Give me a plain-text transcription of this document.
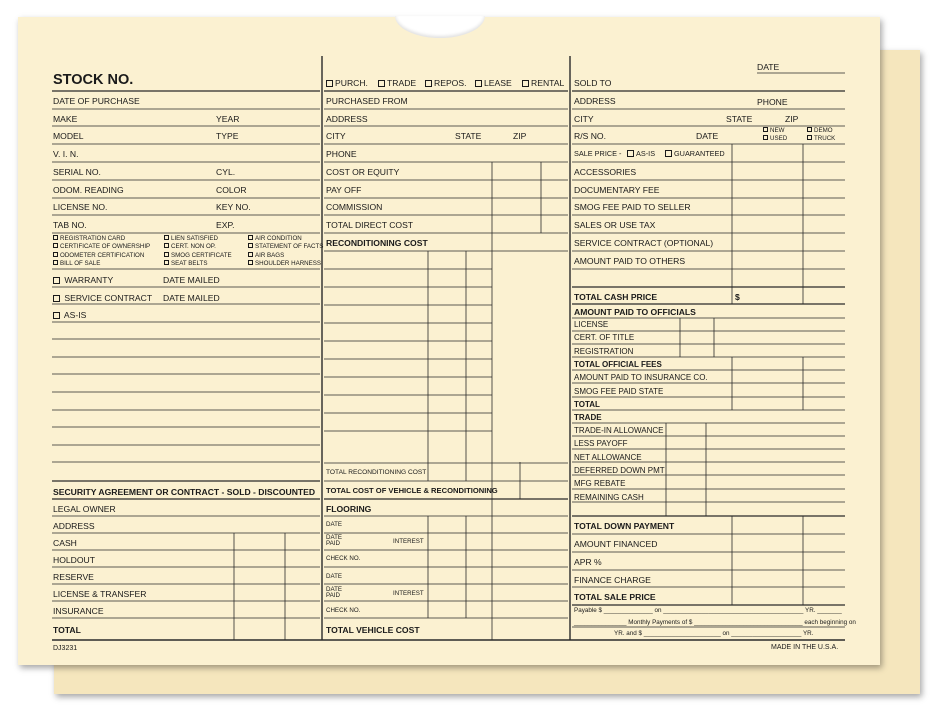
STOCK NO.
DATE OF PURCHASE
MAKE	YEAR
MODEL	TYPE
V. I. N.
SERIAL NO.	CYL.
ODOM. READING	COLOR
LICENSE NO.	KEY NO.
TAB NO.	EXP.
REGISTRATION CARD	LIEN SATISFIED	AIR CONDITION
CERTIFICATE OF OWNERSHIP	CERT. NON OP.	STATEMENT OF FACTS
ODOMETER CERTIFICATION	SMOG CERTIFICATE	AIR BAGS
BILL OF SALE	SEAT BELTS	SHOULDER HARNESS
WARRANTY	DATE MAILED
SERVICE CONTRACT DATE MAILED
AS-IS
SECURITY AGREEMENT OR CONTRACT - SOLD - DISCOUNTED
LEGAL OWNER
ADDRESS
CASH
HOLDOUT
RESERVE
LICENSE & TRANSFER
INSURANCE
TOTAL
DJ3231
PURCH.	TRADE	REPOS.	LEASE	RENTAL
PURCHASED FROM
ADDRESS
CITY	STATE	ZIP
PHONE
COST OR EQUITY
PAY OFF
COMMISSION
TOTAL DIRECT COST
RECONDITIONING COST
TOTAL RECONDITIONING COST
TOTAL COST OF VEHICLE & RECONDITIONING
FLOORING
DATE
DATE
PAID	INTEREST
CHECK NO.
DATE
DATE
PAID	INTEREST
CHECK NO.
TOTAL VEHICLE COST
DATE
SOLD TO
ADDRESS	PHONE
CITY	STATE	ZIP
R/S NO.	DATE
NEW
USED
DEMO
TRUCK
SALE PRICE -	AS-IS	GUARANTEED
ACCESSORIES
DOCUMENTARY FEE
SMOG FEE PAID TO SELLER
SALES OR USE TAX
SERVICE CONTRACT (OPTIONAL)
AMOUNT PAID TO OTHERS
TOTAL CASH PRICE	$
AMOUNT PAID TO OFFICIALS
LICENSE
CERT. OF TITLE
REGISTRATION
TOTAL OFFICIAL FEES
AMOUNT PAID TO INSURANCE CO.
SMOG FEE PAID STATE
TOTAL
TRADE
TRADE-IN ALLOWANCE
LESS PAYOFF
NET ALLOWANCE
DEFERRED DOWN PMT
MFG REBATE
REMAINING CASH
TOTAL DOWN PAYMENT
AMOUNT FINANCED
APR %
FINANCE CHARGE
TOTAL SALE PRICE
Payable $ ______________ on ________________________________________ YR. _______
_______________ Monthly Payments of $ _______________________________ each beginning on
YR. and $ ______________________ on ____________________ YR.
MADE IN THE U.S.A.
